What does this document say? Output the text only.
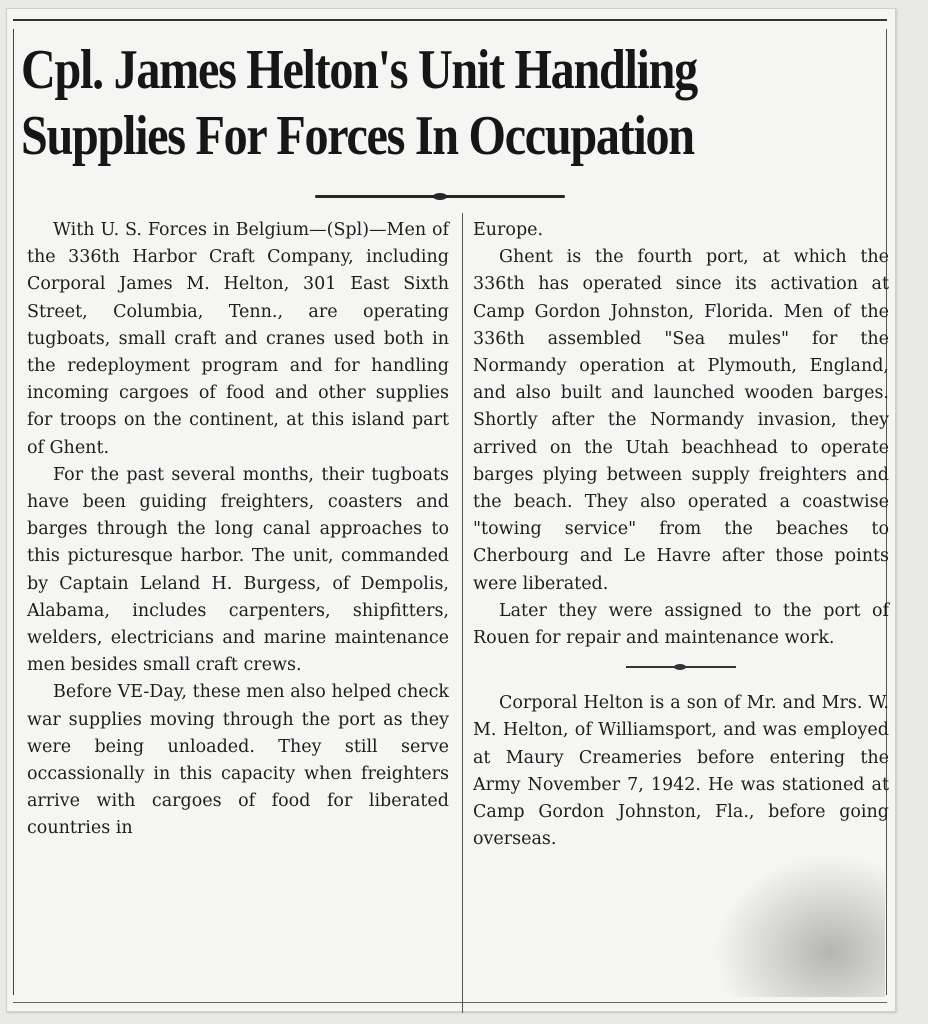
Cpl. James Helton's Unit Handling
Supplies For Forces In Occupation

With U. S. Forces in Belgium—(Spl)—Men of the 336th Harbor Craft Company, including Corporal James M. Helton, 301 East Sixth Street, Columbia, Tenn., are operating tugboats, small craft and cranes used both in the redeployment program and for handling incoming cargoes of food and other supplies for troops on the continent, at this island part of Ghent.

For the past several months, their tugboats have been guiding freighters, coasters and barges through the long canal approaches to this picturesque harbor. The unit, commanded by Captain Leland H. Burgess, of Dempolis, Alabama, includes carpenters, shipfitters, welders, electricians and marine maintenance men besides small craft crews.

Before VE-Day, these men also helped check war supplies moving through the port as they were being unloaded. They still serve occassionally in this capacity when freighters arrive with cargoes of food for liberated countries in

Europe.

Ghent is the fourth port, at which the 336th has operated since its activation at Camp Gordon Johnston, Florida. Men of the 336th assembled "Sea mules" for the Normandy operation at Plymouth, England, and also built and launched wooden barges. Shortly after the Normandy invasion, they arrived on the Utah beachhead to operate barges plying between supply freighters and the beach. They also operated a coastwise "towing service" from the beaches to Cherbourg and Le Havre after those points were liberated.

Later they were assigned to the port of Rouen for repair and maintenance work.

Corporal Helton is a son of Mr. and Mrs. W. M. Helton, of Williamsport, and was employed at Maury Creameries before entering the Army November 7, 1942. He was stationed at Camp Gordon Johnston, Fla., before going overseas.
